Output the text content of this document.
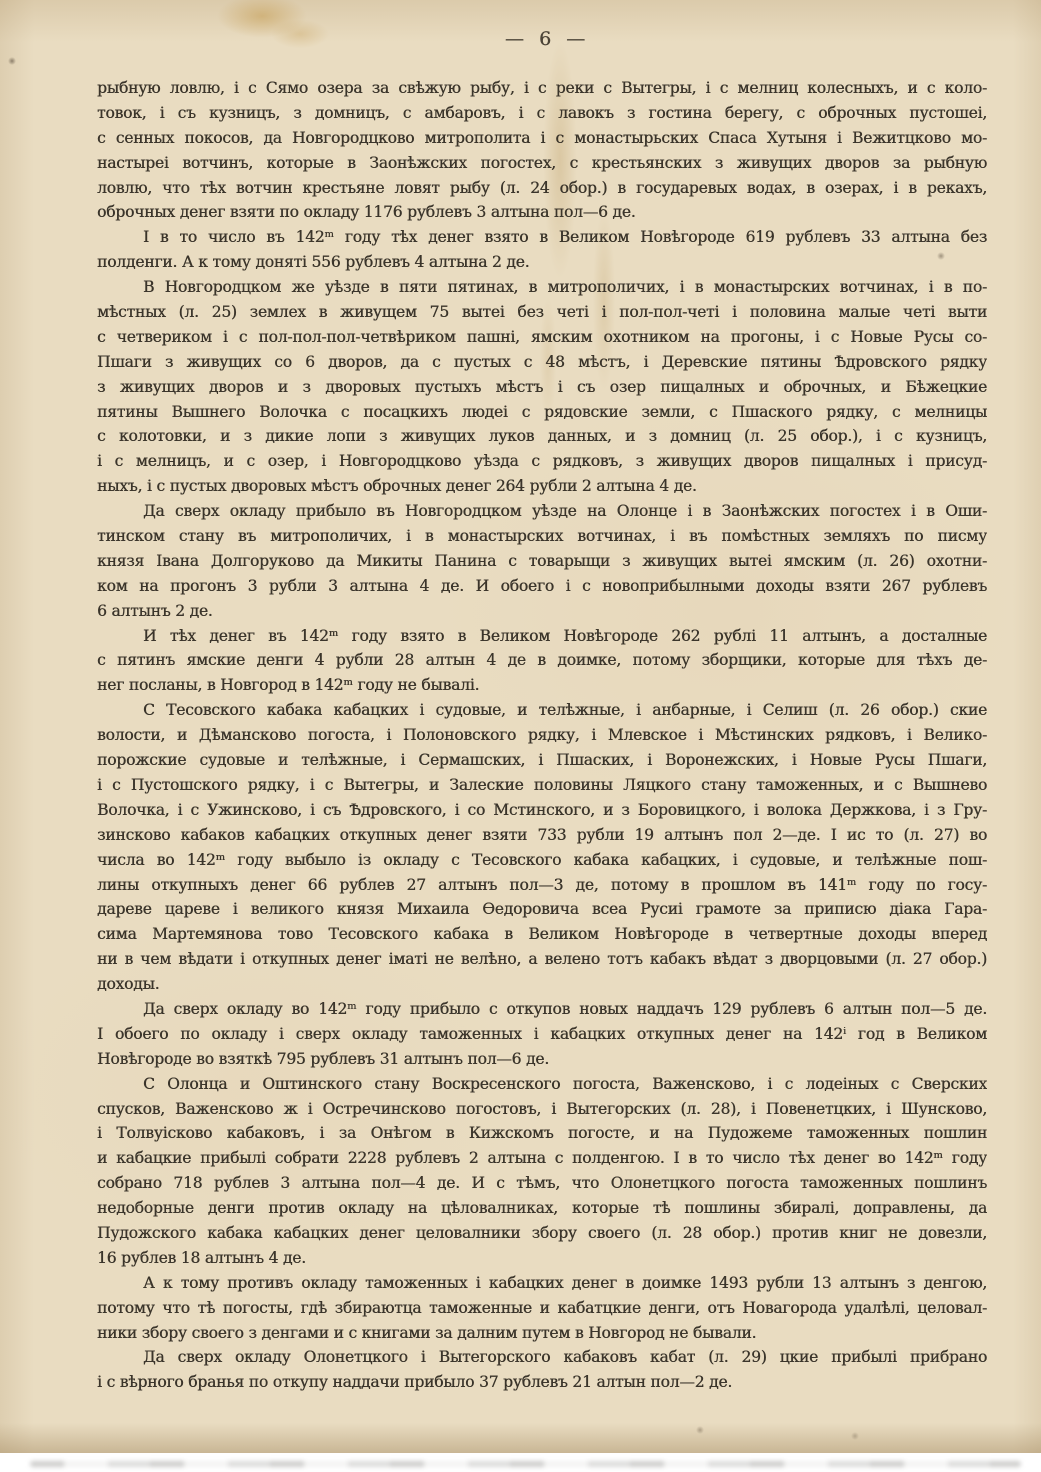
— 6 —
рыбную ловлю, і с Сямо озера за свѣжую рыбу, і с реки с Вытегры, і с мелниц колесныхъ, и с коло-
товок, і съ кузницъ, з домницъ, с амбаровъ, і с лавокъ з гостина берегу, с оброчных пустошеі,
с сенных покосов, да Новгородцково митрополита і с монастырьских Спаса Хутыня і Вежитцково мо-
настыреі вотчинъ, которые в Заонѣжских погостех, с крестьянских з живущих дворов за рыбную
ловлю, что тѣх вотчин крестьяне ловят рыбу (л. 24 обор.) в государевых водах, в озерах, і в рекахъ,
оброчных денег взяти по окладу 1176 рублевъ 3 алтына пол—6 де.
І в то число въ 142ᵐ году тѣх денег взято в Великом Новѣгороде 619 рублевъ 33 алтына без
полденги. А к тому доняті 556 рублевъ 4 алтына 2 де.
В Новгородцком же уѣзде в пяти пятинах, в митрополичих, і в монастырских вотчинах, і в по-
мѣстных (л. 25) землех в живущем 75 вытеі без четі і пол-пол-четі і половина малые четі выти
с четвериком і с пол-пол-пол-четвѣриком пашні, ямским охотником на прогоны, і с Новые Русы со-
Пшаги з живущих со 6 дворов, да с пустых с 48 мѣстъ, і Деревские пятины Ѣдровского рядку
з живущих дворов и з дворовых пустыхъ мѣстъ і съ озер пищалных и оброчных, и Бѣжецкие
пятины Вышнего Волочка с посацкихъ людеі с рядовские земли, с Пшаского рядку, с мелницы
с колотовки, и з дикие лопи з живущих луков данных, и з домниц (л. 25 обор.), і с кузницъ,
і с мелницъ, и с озер, і Новгородцково уѣзда с рядковъ, з живущих дворов пищалных і присуд-
ныхъ, і с пустых дворовых мѣстъ оброчных денег 264 рубли 2 алтына 4 де.
Да сверх окладу прибыло въ Новгородцком уѣзде на Олонце і в Заонѣжских погостех і в Оши-
тинском стану въ митрополичих, і в монастырских вотчинах, і въ помѣстных земляхъ по писму
князя Івана Долгоруково да Микиты Панина с товарыщи з живущих вытеі ямским (л. 26) охотни-
ком на прогонъ 3 рубли 3 алтына 4 де. И обоего і с новоприбылными доходы взяти 267 рублевъ
6 алтынъ 2 де.
И тѣх денег въ 142ᵐ году взято в Великом Новѣгороде 262 рублі 11 алтынъ, а досталные
с пятинъ ямские денги 4 рубли 28 алтын 4 де в доимке, потому зборщики, которые для тѣхъ де-
нег посланы, в Новгород в 142ᵐ году не бывалі.
С Тесовского кабака кабацких і судовые, и телѣжные, і анбарные, і Селиш (л. 26 обор.) ские
волости, и Дѣмансково погоста, і Полоновского рядку, і Млевское і Мѣстинских рядковъ, і Велико-
порожские судовые и телѣжные, і Сермашских, і Пшаских, і Воронежских, і Новые Русы Пшаги,
і с Пустошского рядку, і с Вытегры, и Залеские половины Ляцкого стану таможенных, и с Вышнево
Волочка, і с Ужинсково, і съ Ѣдровского, і со Мстинского, и з Боровицкого, і волока Держкова, і з Гру-
зинсково кабаков кабацких откупных денег взяти 733 рубли 19 алтынъ пол 2—де. І ис то (л. 27) во
числа во 142ᵐ году выбыло із окладу с Тесовского кабака кабацких, і судовые, и телѣжные пош-
лины откупныхъ денег 66 рублев 27 алтынъ пол—3 де, потому в прошлом въ 141ᵐ году по госу-
дареве цареве і великого князя Михаила Ѳедоровича всеа Русиі грамоте за приписю діака Гара-
сима Мартемянова тово Тесовского кабака в Великом Новѣгороде в четвертные доходы вперед
ни в чем вѣдати і откупных денег іматі не велѣно, а велено тотъ кабакъ вѣдат з дворцовыми (л. 27 обор.)
доходы.
Да сверх окладу во 142ᵐ году прибыло с откупов новых наддачъ 129 рублевъ 6 алтын пол—5 де.
І обоего по окладу і сверх окладу таможенных і кабацких откупных денег на 142ⁱ год в Великом
Новѣгороде во взяткѣ 795 рублевъ 31 алтынъ пол—6 де.
С Олонца и Оштинского стану Воскресенского погоста, Важенсково, і с лодеіных с Сверских
спусков, Важенсково ж і Остречинсково погостовъ, і Вытегорских (л. 28), і Повенетцких, і Шунсково,
і Толвуісково кабаковъ, і за Онѣгом в Кижскомъ погосте, и на Пудожеме таможенных пошлин
и кабацкие прибылі собрати 2228 рублевъ 2 алтына с полденгою. І в то число тѣх денег во 142ᵐ году
собрано 718 рублев 3 алтына пол—4 де. И с тѣмъ, что Олонетцкого погоста таможенных пошлинъ
недоборные денги против окладу на цѣловалниках, которые тѣ пошлины збиралі, доправлены, да
Пудожского кабака кабацких денег целовалники збору своего (л. 28 обор.) против книг не довезли,
16 рублев 18 алтынъ 4 де.
А к тому противъ окладу таможенных і кабацких денег в доимке 1493 рубли 13 алтынъ з денгою,
потому что тѣ погосты, гдѣ збираютца таможенные и кабатцкие денги, отъ Новагорода удалѣлі, целовал-
ники збору своего з денгами и с книгами за далним путем в Новгород не бывали.
Да сверх окладу Олонетцкого і Вытегорского кабаковъ кабат (л. 29) цкие прибылі прибрано
і с вѣрного бранья по откупу наддачи прибыло 37 рублевъ 21 алтын пол—2 де.
